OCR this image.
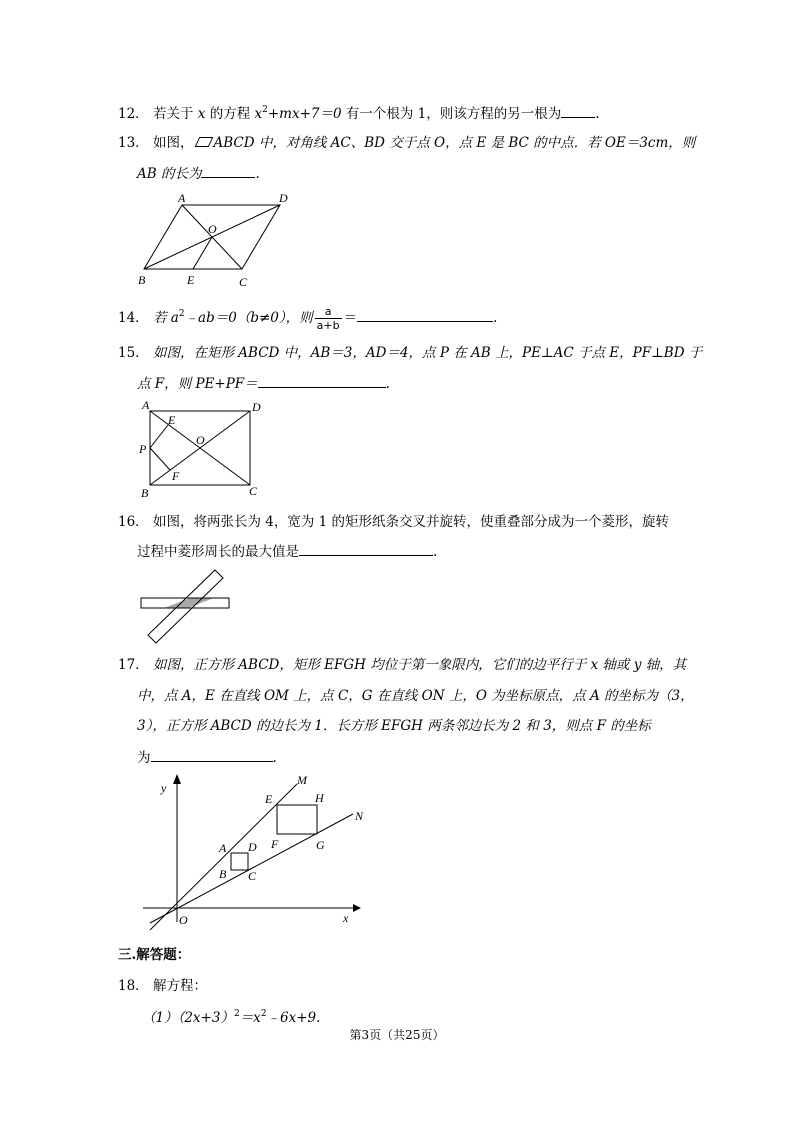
12． 若关于 x 的方程 $x^2+mx+7=0$ 有一个根为 1，则该方程的另一根为	.
13． 如图， ABCD 中，对角线 AC、BD 交于点 O，点 E 是 BC 的中点．若 OE＝3cm，则
AB 的长为	.
A	D
O
B	E	C
14． 若 $a^2﹣ab=0(b\ne 0)$，则 $\frac{a}{a+b}$ ＝	.
15． 如图，在矩形 ABCD 中，AB＝3，AD＝4，点 P 在 AB 上，PE⊥AC 于点 E，PF⊥BD 于
点 F，则 PE+PF＝	.
A	D
E
O
P
F
B	C
16． 如图，将两张长为 4，宽为 1 的矩形纸条交叉并旋转，使重叠部分成为一个菱形，旋转
过程中菱形周长的最大值是	.
17． 如图，正方形 ABCD，矩形 EFGH 均位于第一象限内，它们的边平行于 x 轴或 y 轴，其
中，点 A，E 在直线 OM 上，点 C，G 在直线 ON 上，O 为坐标原点，点 A 的坐标为（3，
3），正方形 ABCD 的边长为 1．长方形 EFGH 两条邻边长为 2 和 3，则点 F 的坐标
为	.
y
x
O
M
N
E	H
F	G
A D
B C
三.解答题：
18． 解方程：
$(1)(2x+3)^2=x^2﹣6x+9$.
第3页（共25页）
